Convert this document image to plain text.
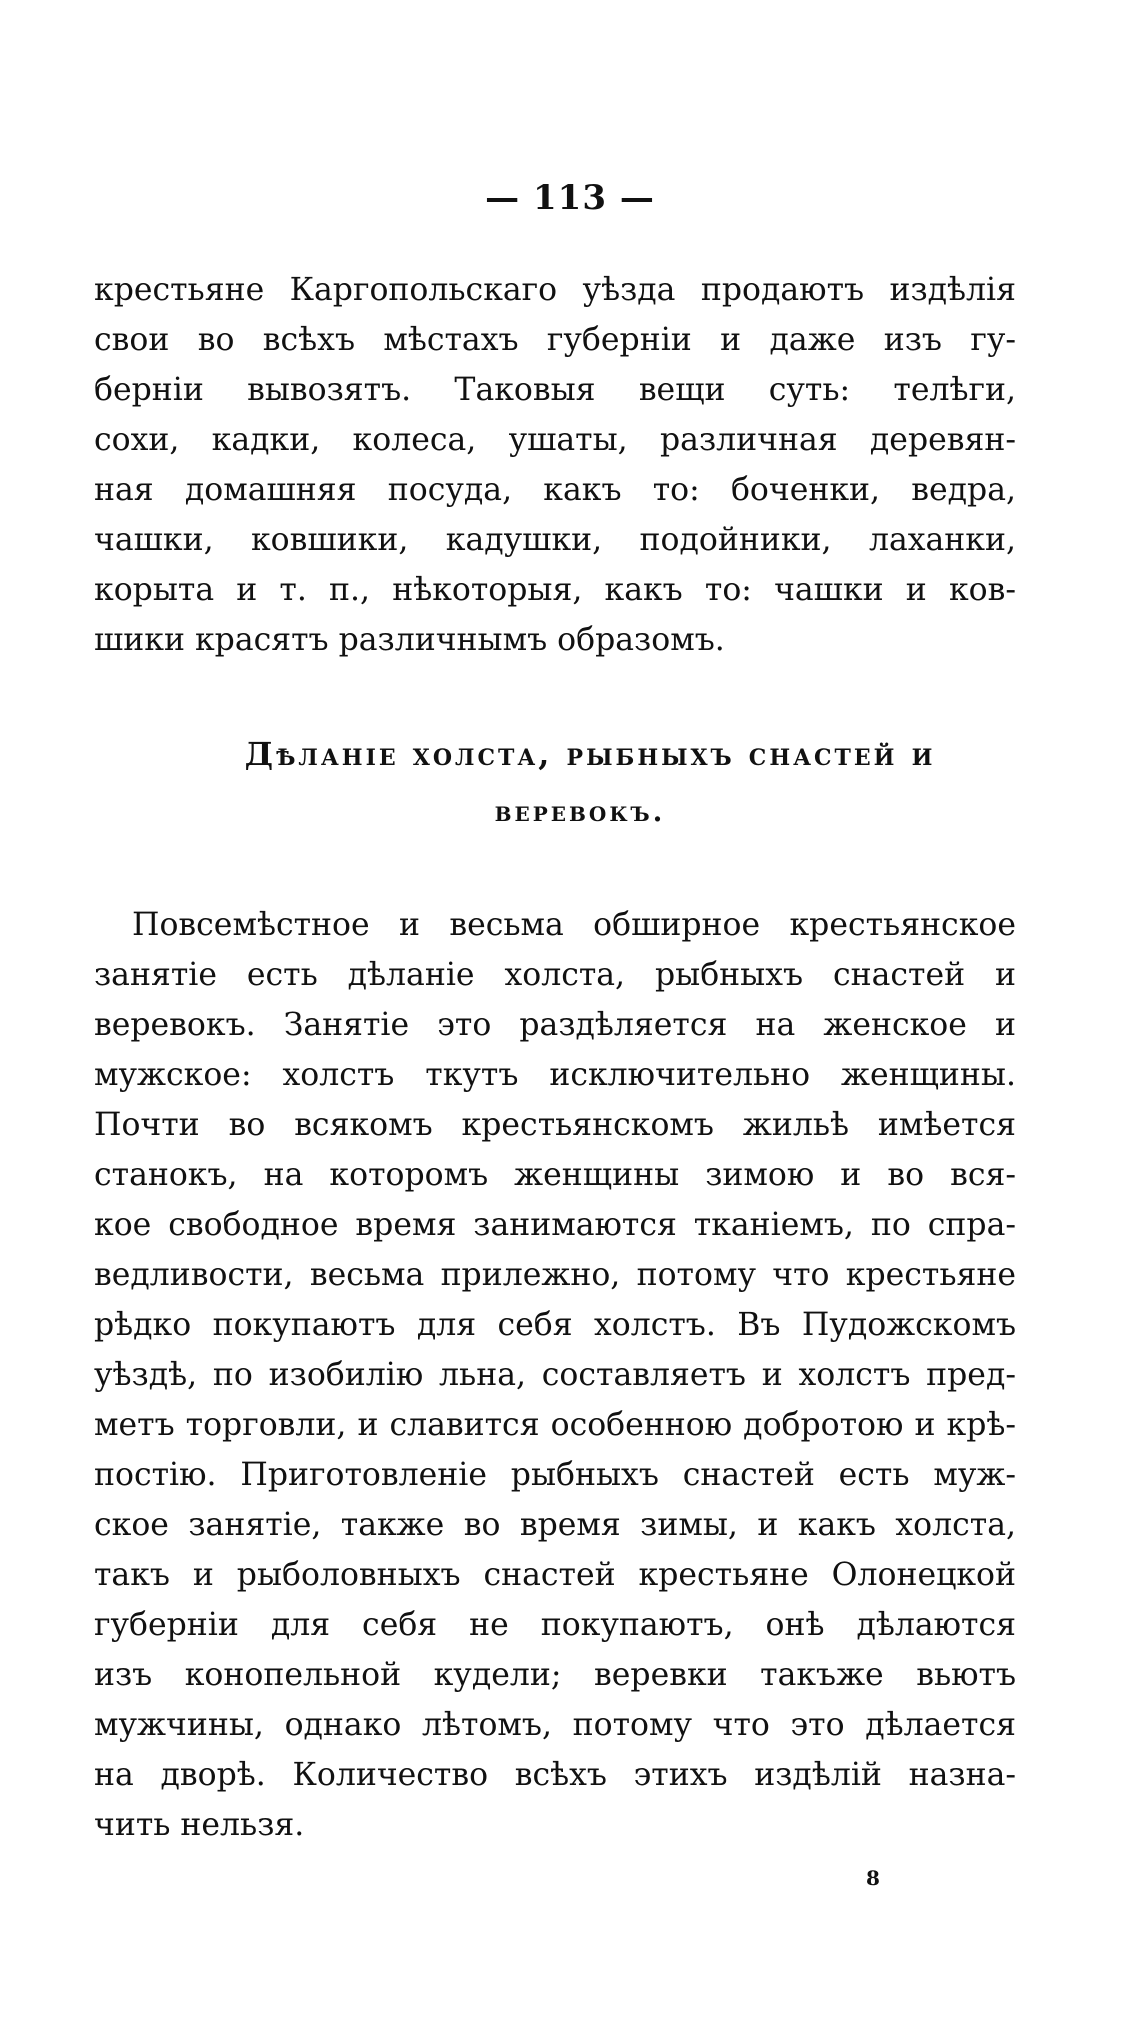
— 113 —
крестьяне Каргопольскаго уѣзда продаютъ издѣлія
свои во всѣхъ мѣстахъ губерніи и даже изъ гу-
берніи вывозятъ. Таковыя вещи суть: телѣги,
сохи, кадки, колеса, ушаты, различная деревян-
ная домашняя посуда, какъ то: боченки, ведра,
чашки, ковшики, кадушки, подойники, лаханки,
корыта и т. п., нѣкоторыя, какъ то: чашки и ков-
шики красятъ различнымъ образомъ.
Дѣланіе холста, рыбныхъ снастей и
веревокъ.
Повсемѣстное и весьма обширное крестьянское
занятіе есть дѣланіе холста, рыбныхъ снастей и
веревокъ. Занятіе это раздѣляется на женское и
мужское: холстъ ткутъ исключительно женщины.
Почти во всякомъ крестьянскомъ жильѣ имѣется
станокъ, на которомъ женщины зимою и во вся-
кое свободное время занимаются тканіемъ, по спра-
ведливости, весьма прилежно, потому что крестьяне
рѣдко покупаютъ для себя холстъ. Въ Пудожскомъ
уѣздѣ, по изобилію льна, составляетъ и холстъ пред-
метъ торговли, и славится особенною добротою и крѣ-
постію. Приготовленіе рыбныхъ снастей есть муж-
ское занятіе, также во время зимы, и какъ холста,
такъ и рыболовныхъ снастей крестьяне Олонецкой
губерніи для себя не покупаютъ, онѣ дѣлаются
изъ конопельной кудели; веревки такъже вьютъ
мужчины, однако лѣтомъ, потому что это дѣлается
на дворѣ. Количество всѣхъ этихъ издѣлій назна-
чить нельзя.
8
